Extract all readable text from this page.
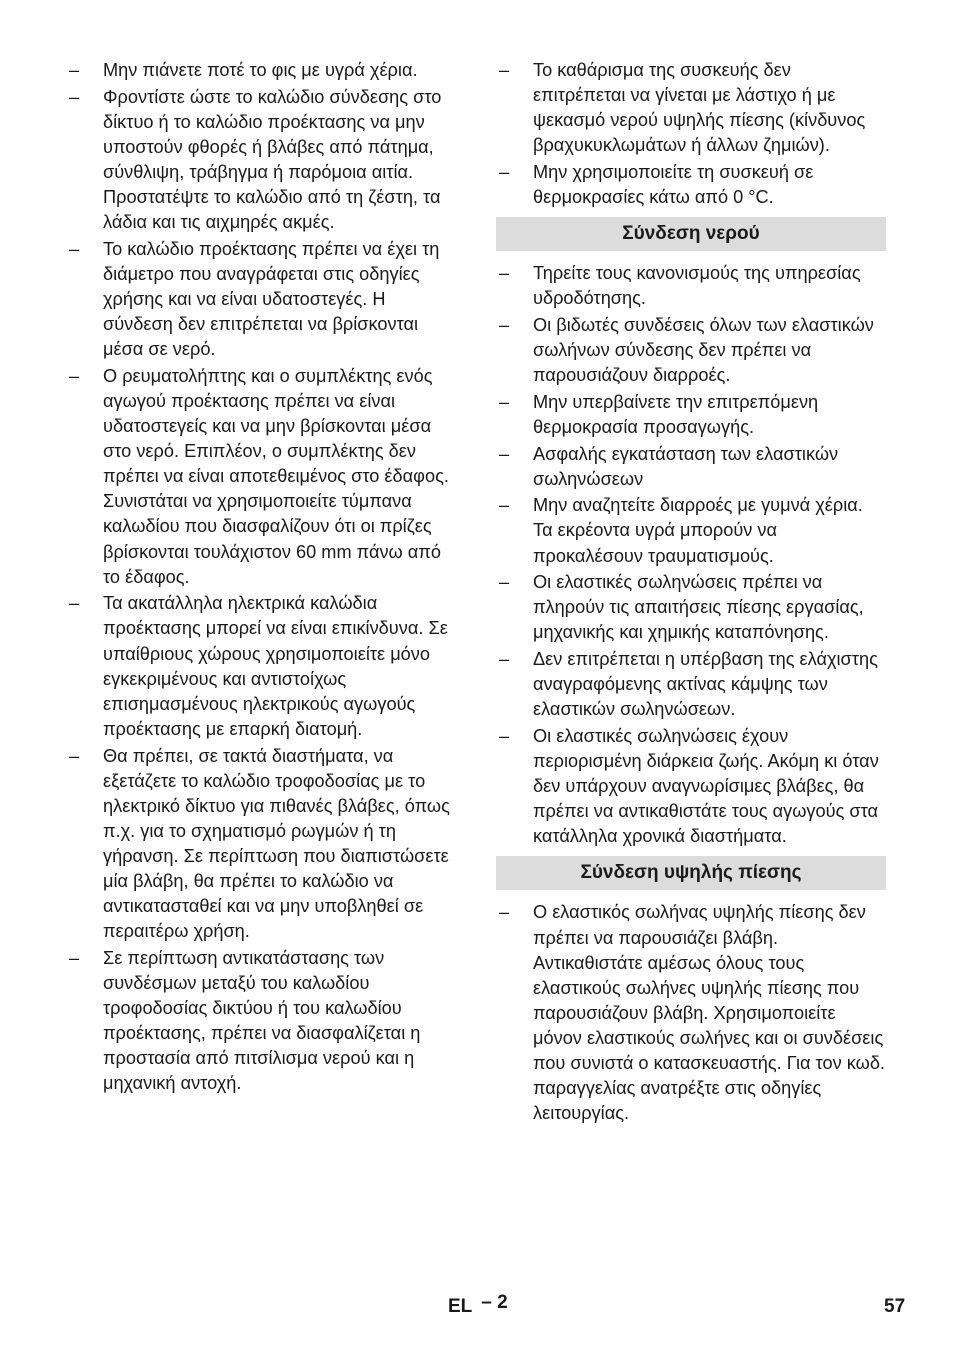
– Μην πιάνετε ποτέ το φις με υγρά χέρια.
– Φροντίστε ώστε το καλώδιο σύνδεσης στο δίκτυο ή το καλώδιο προέκτασης να μην υποστούν φθορές ή βλάβες από πάτημα, σύνθλιψη, τράβηγμα ή παρόμοια αιτία. Προστατέψτε το καλώδιο από τη ζέστη, τα λάδια και τις αιχμηρές ακμές.
– Το καλώδιο προέκτασης πρέπει να έχει τη διάμετρο που αναγράφεται στις οδηγίες χρήσης και να είναι υδατοστεγές. Η σύνδεση δεν επιτρέπεται να βρίσκονται μέσα σε νερό.
– Ο ρευματολήπτης και ο συμπλέκτης ενός αγωγού προέκτασης πρέπει να είναι υδατοστεγείς και να μην βρίσκονται μέσα στο νερό. Επιπλέον, ο συμπλέκτης δεν πρέπει να είναι αποτεθειμένος στο έδαφος. Συνιστάται να χρησιμοποιείτε τύμπανα καλωδίου που διασφαλίζουν ότι οι πρίζες βρίσκονται τουλάχιστον 60 mm πάνω από το έδαφος.
– Τα ακατάλληλα ηλεκτρικά καλώδια προέκτασης μπορεί να είναι επικίνδυνα. Σε υπαίθριους χώρους χρησιμοποιείτε μόνο εγκεκριμένους και αντιστοίχως επισημασμένους ηλεκτρικούς αγωγούς προέκτασης με επαρκή διατομή.
– Θα πρέπει, σε τακτά διαστήματα, να εξετάζετε το καλώδιο τροφοδοσίας με το ηλεκτρικό δίκτυο για πιθανές βλάβες, όπως π.χ. για το σχηματισμό ρωγμών ή τη γήρανση. Σε περίπτωση που διαπιστώσετε μία βλάβη, θα πρέπει το καλώδιο να αντικατασταθεί και να μην υποβληθεί σε περαιτέρω χρήση.
– Σε περίπτωση αντικατάστασης των συνδέσμων μεταξύ του καλωδίου τροφοδοσίας δικτύου ή του καλωδίου προέκτασης, πρέπει να διασφαλίζεται η προστασία από πιτσίλισμα νερού και η μηχανική αντοχή.
– Το καθάρισμα της συσκευής δεν επιτρέπεται να γίνεται με λάστιχο ή με ψεκασμό νερού υψηλής πίεσης (κίνδυνος βραχυκυκλωμάτων ή άλλων ζημιών).
– Μην χρησιμοποιείτε τη συσκευή σε θερμοκρασίες κάτω από 0 °C.
Σύνδεση νερού
– Τηρείτε τους κανονισμούς της υπηρεσίας υδροδότησης.
– Οι βιδωτές συνδέσεις όλων των ελαστικών σωλήνων σύνδεσης δεν πρέπει να παρουσιάζουν διαρροές.
– Μην υπερβαίνετε την επιτρεπόμενη θερμοκρασία προσαγωγής.
– Ασφαλής εγκατάσταση των ελαστικών σωληνώσεων
– Μην αναζητείτε διαρροές με γυμνά χέρια. Τα εκρέοντα υγρά μπορούν να προκαλέσουν τραυματισμούς.
– Οι ελαστικές σωληνώσεις πρέπει να πληρούν τις απαιτήσεις πίεσης εργασίας, μηχανικής και χημικής καταπόνησης.
– Δεν επιτρέπεται η υπέρβαση της ελάχιστης αναγραφόμενης ακτίνας κάμψης των ελαστικών σωληνώσεων.
– Οι ελαστικές σωληνώσεις έχουν περιορισμένη διάρκεια ζωής. Ακόμη κι όταν δεν υπάρχουν αναγνωρίσιμες βλάβες, θα πρέπει να αντικαθιστάτε τους αγωγούς στα κατάλληλα χρονικά διαστήματα.
Σύνδεση υψηλής πίεσης
– Ο ελαστικός σωλήνας υψηλής πίεσης δεν πρέπει να παρουσιάζει βλάβη. Αντικαθιστάτε αμέσως όλους τους ελαστικούς σωλήνες υψηλής πίεσης που παρουσιάζουν βλάβη. Χρησιμοποιείτε μόνον ελαστικούς σωλήνες και οι συνδέσεις που συνιστά ο κατασκευαστής. Για τον κωδ. παραγγελίας ανατρέξτε στις οδηγίες λειτουργίας.
EL – 2	57
